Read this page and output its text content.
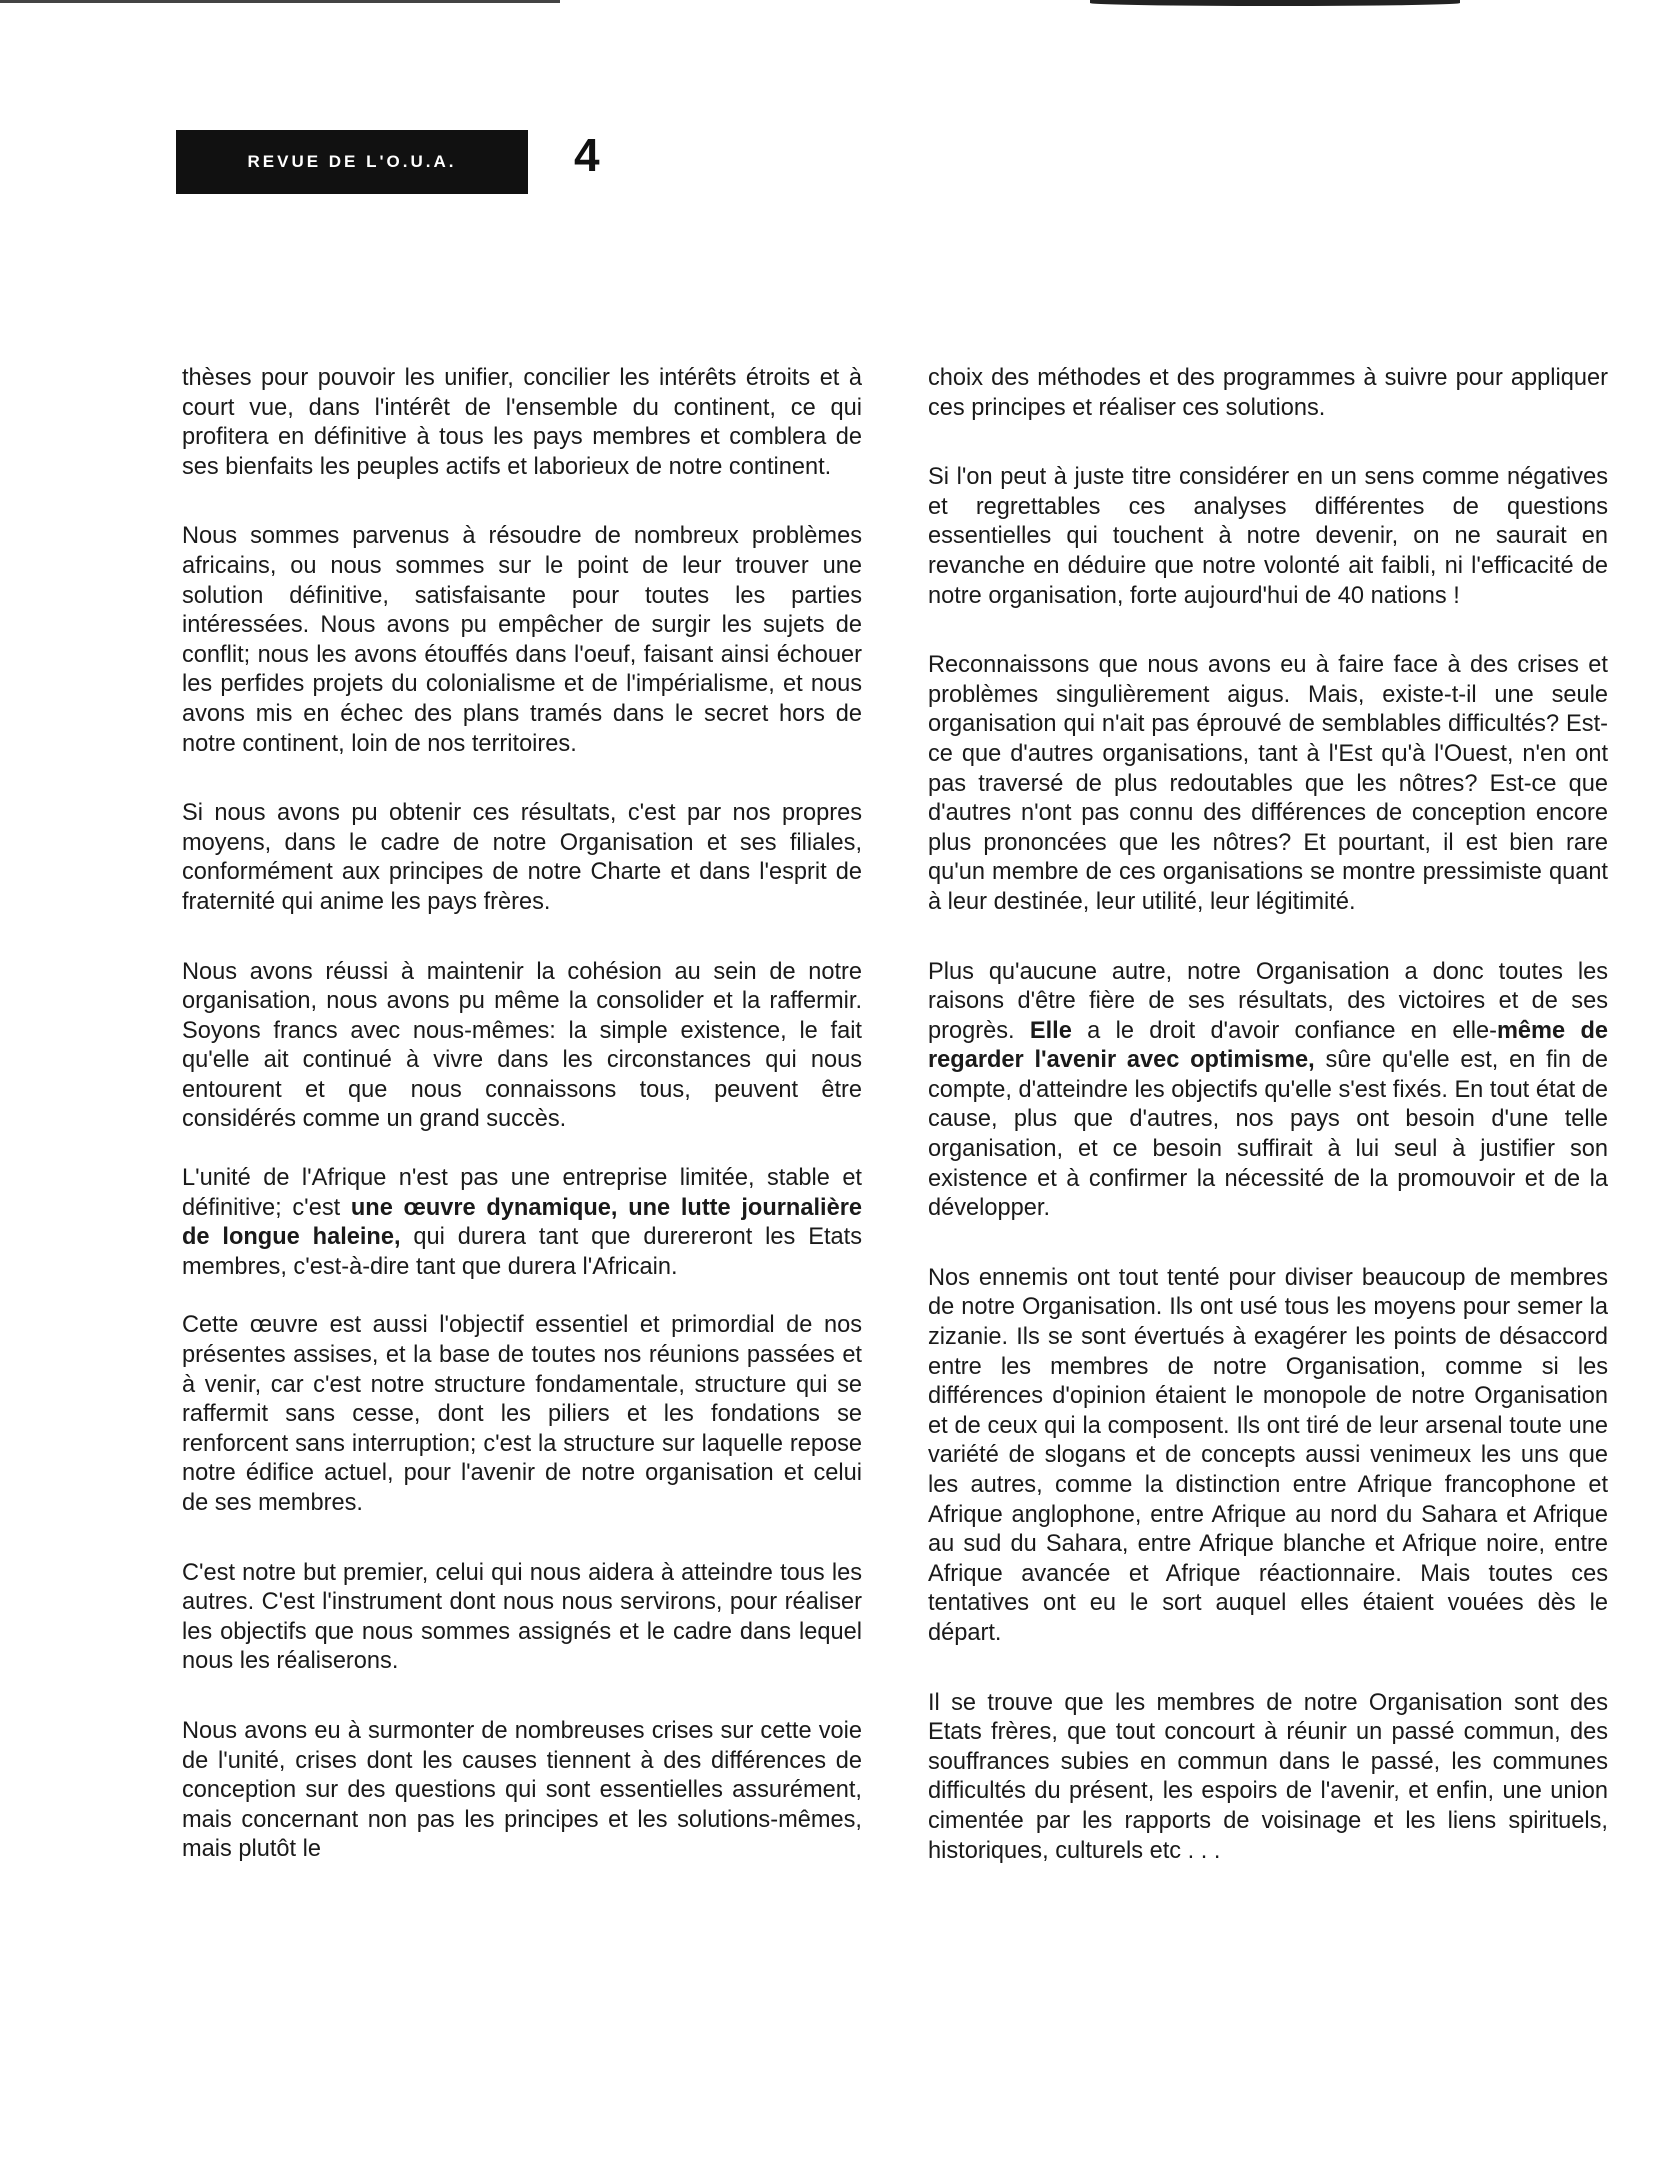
REVUE DE L'O.U.A.	4

thèses pour pouvoir les unifier, concilier les intérêts étroits et à court vue, dans l'intérêt de l'ensemble du continent, ce qui profitera en définitive à tous les pays membres et comblera de ses bienfaits les peuples actifs et laborieux de notre continent.

Nous sommes parvenus à résoudre de nombreux problèmes africains, ou nous sommes sur le point de leur trouver une solution définitive, satisfaisante pour toutes les parties intéressées. Nous avons pu empêcher de surgir les sujets de conflit; nous les avons étouffés dans l'oeuf, faisant ainsi échouer les perfides projets du colonialisme et de l'impérialisme, et nous avons mis en échec des plans tramés dans le secret hors de notre continent, loin de nos territoires.

Si nous avons pu obtenir ces résultats, c'est par nos propres moyens, dans le cadre de notre Organisation et ses filiales, conformément aux principes de notre Charte et dans l'esprit de fraternité qui anime les pays frères.

Nous avons réussi à maintenir la cohésion au sein de notre organisation, nous avons pu même la consolider et la raffermir. Soyons francs avec nous-mêmes: la simple existence, le fait qu'elle ait continué à vivre dans les circonstances qui nous entourent et que nous connaissons tous, peuvent être considérés comme un grand succès.

L'unité de l'Afrique n'est pas une entreprise limitée, stable et définitive; c'est une œuvre dynamique, une lutte journalière de longue haleine, qui durera tant que durereront les Etats membres, c'est-à-dire tant que durera l'Africain.

Cette œuvre est aussi l'objectif essentiel et primordial de nos présentes assises, et la base de toutes nos réunions passées et à venir, car c'est notre structure fondamentale, structure qui se raffermit sans cesse, dont les piliers et les fondations se renforcent sans interruption; c'est la structure sur laquelle repose notre édifice actuel, pour l'avenir de notre organisation et celui de ses membres.

C'est notre but premier, celui qui nous aidera à atteindre tous les autres. C'est l'instrument dont nous nous servirons, pour réaliser les objectifs que nous sommes assignés et le cadre dans lequel nous les réaliserons.

Nous avons eu à surmonter de nombreuses crises sur cette voie de l'unité, crises dont les causes tiennent à des différences de conception sur des questions qui sont essentielles assurément, mais concernant non pas les principes et les solutions-mêmes, mais plutôt le

choix des méthodes et des programmes à suivre pour appliquer ces principes et réaliser ces solutions.

Si l'on peut à juste titre considérer en un sens comme négatives et regrettables ces analyses différentes de questions essentielles qui touchent à notre devenir, on ne saurait en revanche en déduire que notre volonté ait faibli, ni l'efficacité de notre organisation, forte aujourd'hui de 40 nations !

Reconnaissons que nous avons eu à faire face à des crises et problèmes singulièrement aigus. Mais, existe-t-il une seule organisation qui n'ait pas éprouvé de semblables difficultés? Est-ce que d'autres organisations, tant à l'Est qu'à l'Ouest, n'en ont pas traversé de plus redoutables que les nôtres? Est-ce que d'autres n'ont pas connu des différences de conception encore plus prononcées que les nôtres? Et pourtant, il est bien rare qu'un membre de ces organisations se montre pressimiste quant à leur destinée, leur utilité, leur légitimité.

Plus qu'aucune autre, notre Organisation a donc toutes les raisons d'être fière de ses résultats, des victoires et de ses progrès. Elle a le droit d'avoir confiance en elle-même de regarder l'avenir avec optimisme, sûre qu'elle est, en fin de compte, d'atteindre les objectifs qu'elle s'est fixés. En tout état de cause, plus que d'autres, nos pays ont besoin d'une telle organisation, et ce besoin suffirait à lui seul à justifier son existence et à confirmer la nécessité de la promouvoir et de la développer.

Nos ennemis ont tout tenté pour diviser beaucoup de membres de notre Organisation. Ils ont usé tous les moyens pour semer la zizanie. Ils se sont évertués à exagérer les points de désaccord entre les membres de notre Organisation, comme si les différences d'opinion étaient le monopole de notre Organisation et de ceux qui la composent. Ils ont tiré de leur arsenal toute une variété de slogans et de concepts aussi venimeux les uns que les autres, comme la distinction entre Afrique francophone et Afrique anglophone, entre Afrique au nord du Sahara et Afrique au sud du Sahara, entre Afrique blanche et Afrique noire, entre Afrique avancée et Afrique réactionnaire. Mais toutes ces tentatives ont eu le sort auquel elles étaient vouées dès le départ.

Il se trouve que les membres de notre Organisation sont des Etats frères, que tout concourt à réunir un passé commun, des souffrances subies en commun dans le passé, les communes difficultés du présent, les espoirs de l'avenir, et enfin, une union cimentée par les rapports de voisinage et les liens spirituels, historiques, culturels etc . . .
